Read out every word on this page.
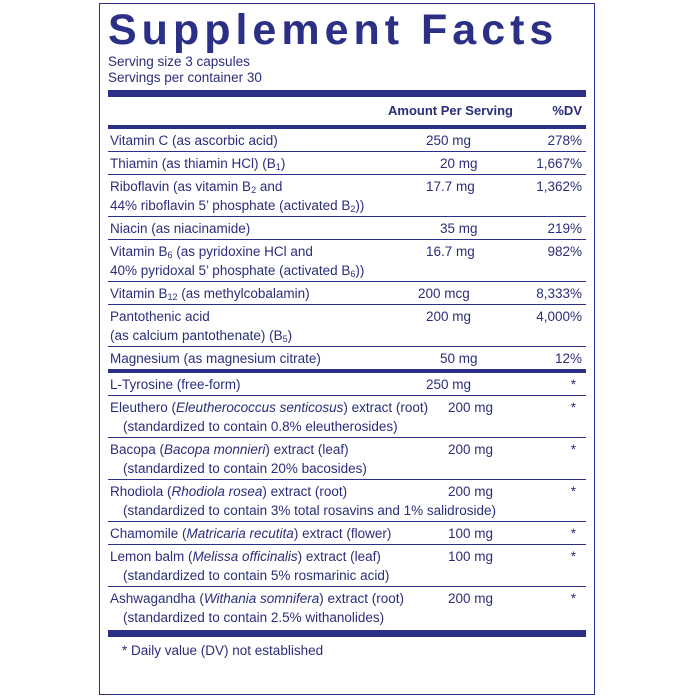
Supplement Facts
Serving size 3 capsules
Servings per container 30
Amount Per Serving	%DV
Vitamin C (as ascorbic acid)	250 mg	278%
Thiamin (as thiamin HCl) $(B_1)$	20 mg	1,667%
Riboflavin (as vitamin $B_2$ and
44% riboflavin 5’ phosphate (activated $B_2$))
17.7 mg	1,362%
Niacin (as niacinamide)	35 mg	219%
Vitamin $B_6$ (as pyridoxine HCl and
40% pyridoxal 5’ phosphate (activated $B_6$))
16.7 mg	982%
Vitamin $B_{12}$ (as methylcobalamin)	200 mcg	8,333%
Pantothenic acid
(as calcium pantothenate) $(B_5)$
200 mg	4,000%
Magnesium (as magnesium citrate)	50 mg	12%
L-Tyrosine (free-form)	250 mg	*
Eleuthero (Eleutherococcus senticosus) extract (root)
(standardized to contain 0.8% eleutherosides)
200 mg	*
Bacopa (Bacopa monnieri) extract (leaf)
(standardized to contain 20% bacosides)
200 mg	*
Rhodiola (Rhodiola rosea) extract (root)
(standardized to contain 3% total rosavins and 1% salidroside)
200 mg	*
Chamomile (Matricaria recutita) extract (flower)	100 mg	*
Lemon balm (Melissa officinalis) extract (leaf)
(standardized to contain 5% rosmarinic acid)
100 mg	*
Ashwagandha (Withania somnifera) extract (root)
(standardized to contain 2.5% withanolides)
200 mg	*
* Daily value (DV) not established
